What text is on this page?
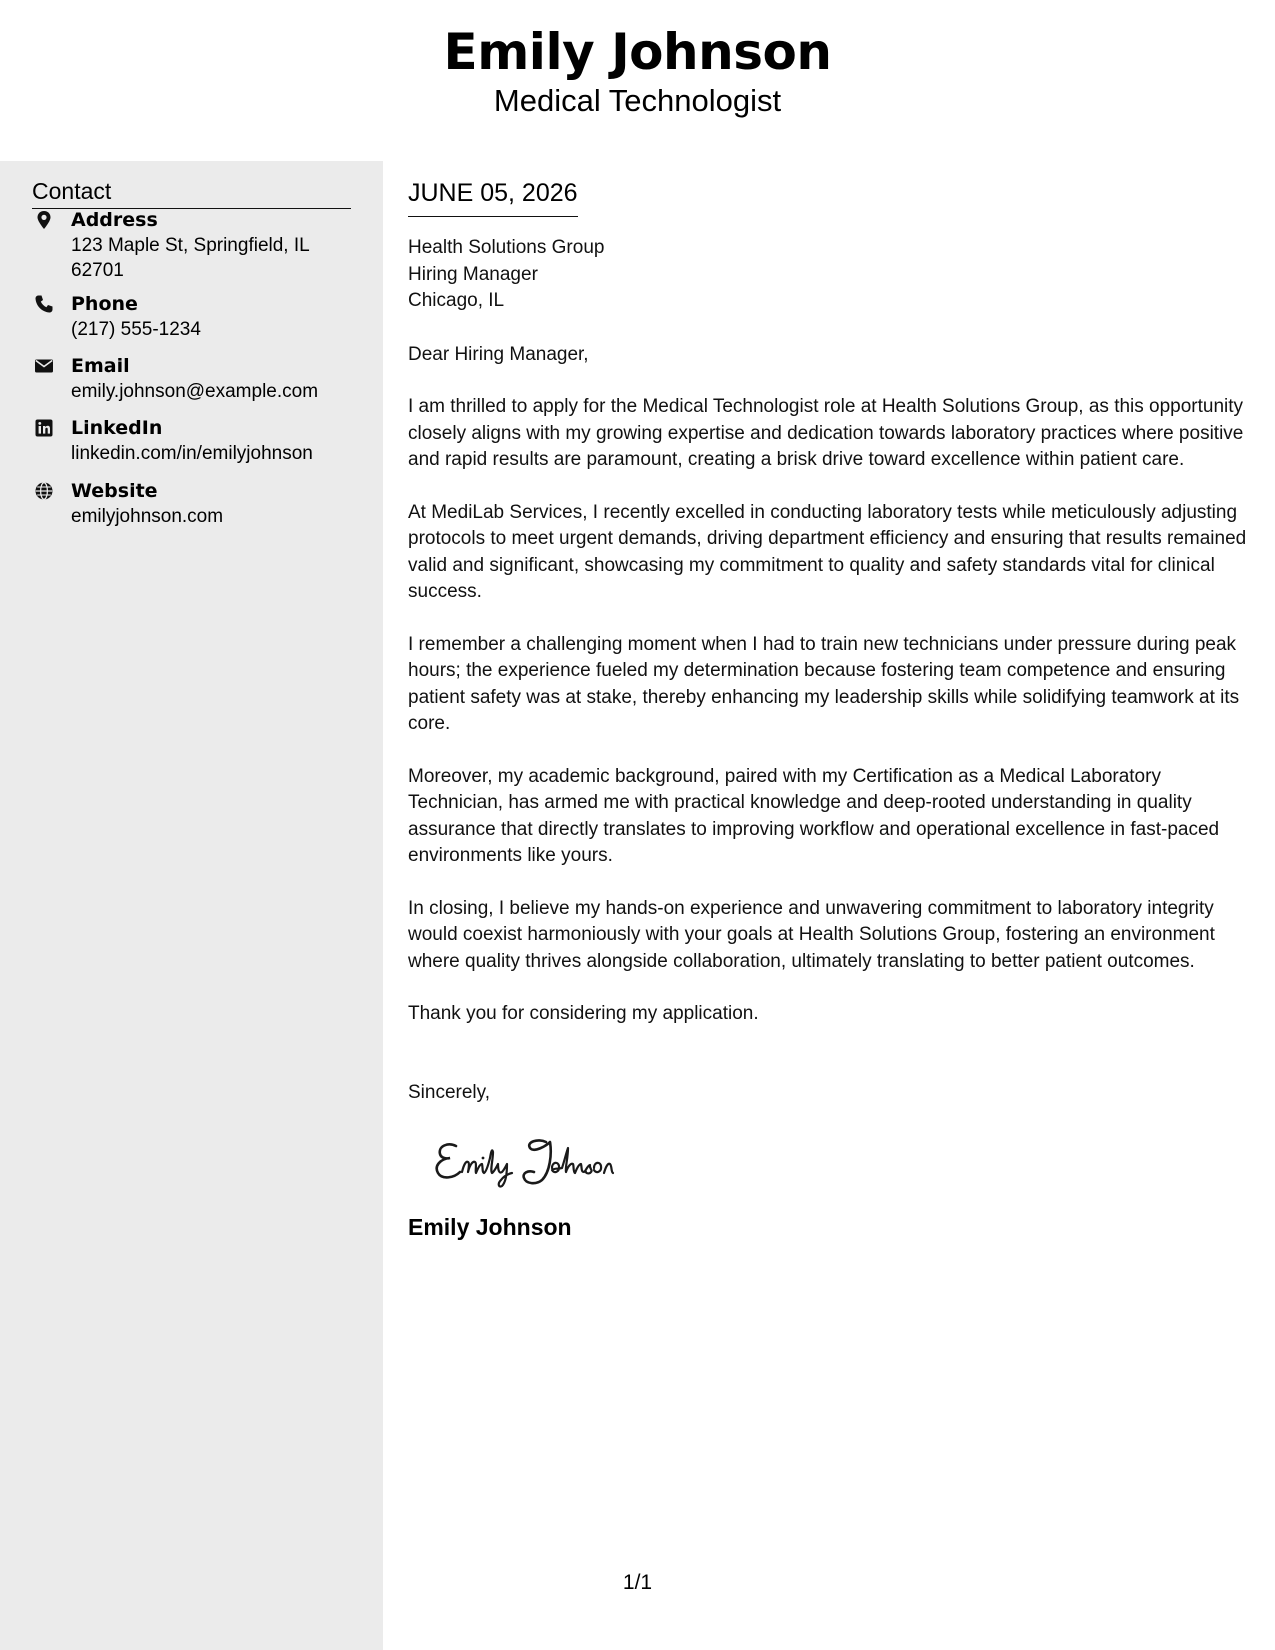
Emily Johnson
Medical Technologist
Contact
Address
123 Maple St, Springfield, IL 62701
Phone
(217) 555-1234
Email
emily.johnson@example.com
LinkedIn
linkedin.com/in/emilyjohnson
Website
emilyjohnson.com
JUNE 05, 2026
Health Solutions Group
Hiring Manager
Chicago, IL

Dear Hiring Manager,

I am thrilled to apply for the Medical Technologist role at Health Solutions Group, as this opportunity closely aligns with my growing expertise and dedication towards laboratory practices where positive and rapid results are paramount, creating a brisk drive toward excellence within patient care.

At MediLab Services, I recently excelled in conducting laboratory tests while meticulously adjusting protocols to meet urgent demands, driving department efficiency and ensuring that results remained valid and significant, showcasing my commitment to quality and safety standards vital for clinical success.

I remember a challenging moment when I had to train new technicians under pressure during peak hours; the experience fueled my determination because fostering team competence and ensuring patient safety was at stake, thereby enhancing my leadership skills while solidifying teamwork at its core.

Moreover, my academic background, paired with my Certification as a Medical Laboratory Technician, has armed me with practical knowledge and deep-rooted understanding in quality assurance that directly translates to improving workflow and operational excellence in fast-paced environments like yours.

In closing, I believe my hands-on experience and unwavering commitment to laboratory integrity would coexist harmoniously with your goals at Health Solutions Group, fostering an environment where quality thrives alongside collaboration, ultimately translating to better patient outcomes.

Thank you for considering my application.

Sincerely,

Emily Johnson
1/1
